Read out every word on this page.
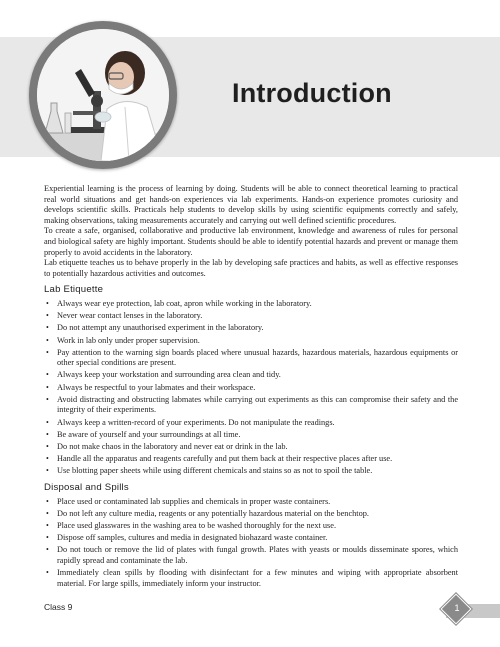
Introduction

Experiential learning is the process of learning by doing. Students will be able to connect theoretical learning to practical real world situations and get hands-on experiences via lab experiments. Hands-on experience promotes curiosity and develops scientific skills. Practicals help students to develop skills by using scientific equipments correctly and safely, making observations, taking measurements accurately and carrying out well defined scientific procedures.

To create a safe, organised, collaborative and productive lab environment, knowledge and awareness of rules for personal and biological safety are highly important. Students should be able to identify potential hazards and prevent or manage them properly to avoid accidents in the laboratory.

Lab etiquette teaches us to behave properly in the lab by developing safe practices and habits, as well as effective responses to potentially hazardous activities and outcomes.

Lab Etiquette
• Always wear eye protection, lab coat, apron while working in the laboratory.
• Never wear contact lenses in the laboratory.
• Do not attempt any unauthorised experiment in the laboratory.
• Work in lab only under proper supervision.
• Pay attention to the warning sign boards placed where unusual hazards, hazardous materials, hazardous equipments or other special conditions are present.
• Always keep your workstation and surrounding area clean and tidy.
• Always be respectful to your labmates and their workspace.
• Avoid distracting and obstructing labmates while carrying out experiments as this can compromise their safety and the integrity of their experiments.
• Always keep a written-record of your experiments. Do not manipulate the readings.
• Be aware of yourself and your surroundings at all time.
• Do not make chaos in the laboratory and never eat or drink in the lab.
• Handle all the apparatus and reagents carefully and put them back at their respective places after use.
• Use blotting paper sheets while using different chemicals and stains so as not to spoil the table.
Disposal and Spills
• Place used or contaminated lab supplies and chemicals in proper waste containers.
• Do not left any culture media, reagents or any potentially hazardous material on the benchtop.
• Place used glasswares in the washing area to be washed thoroughly for the next use.
• Dispose off samples, cultures and media in designated biohazard waste container.
• Do not touch or remove the lid of plates with fungal growth. Plates with yeasts or moulds disseminate spores, which rapidly spread and contaminate the lab.
• Immediately clean spills by flooding with disinfectant for a few minutes and wiping with appropriate absorbent material. For large spills, immediately inform your instructor.
Class 9	1
